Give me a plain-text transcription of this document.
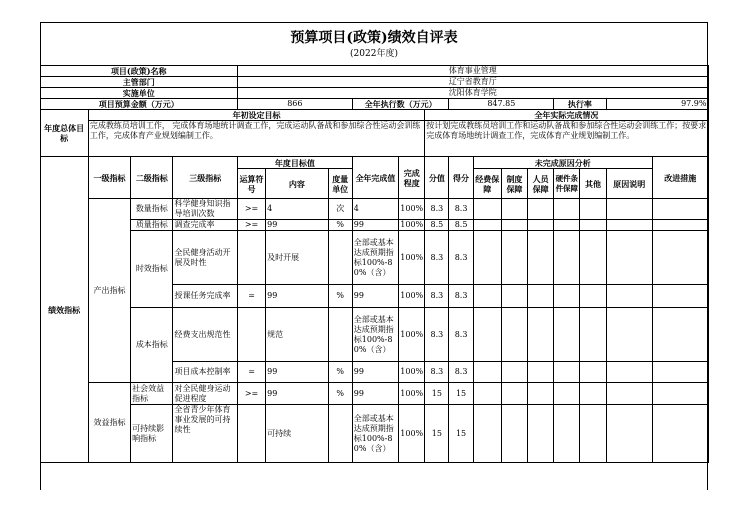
预算项目(政策)绩效自评表
(2022年度)
项目(政策)名称				体育事业管理													
主管部门				辽宁省教育厅													
实施单位				沈阳体育学院													
项目预算金额（万元）				866			全年执行数（万元）			847.85				执行率		97.9%	
年度总体目标	年初设定目标								全年实际完成情况								
	完成教练员培训工作， 完成体育场地统计调查工作，完成运动队备战和参加综合性运动会训练工作，完成体育产业规划编制工作。								按计划完成教练员培训工作和运动队备战和参加综合性运动会训练工作；按要求完成体育场地统计调查工作，完成体育产业规划编制工作。								
绩效指标	一级指标	二级指标	三级指标	年度目标值			全年完成值	完成程度	分值	得分	未完成原因分析						改进措施
				运算符号	内容	度量单位					经费保障	制度保障	人员保障	硬件条件保障	其他	原因说明	
	产出指标	数量指标	科学健身知识指导培训次数	>=	4	次	4	100%	8.3	8.3							
		质量指标	调查完成率	>=	99	%	99	100%	8.5	8.5							
		时效指标	全民健身活动开展及时性		及时开展		全部或基本达成预期指标100%-80%（含）	100%	8.3	8.3							
			授课任务完成率	=	99	%	99	100%	8.3	8.3							
		成本指标	经费支出规范性		规范		全部或基本达成预期指标100%-80%（含）	100%	8.3	8.3							
			项目成本控制率	=	99	%	99	100%	8.3	8.3							
	效益指标	社会效益指标	对全民健身运动促进程度	>=	99	%	99	100%	15	15							
		可持续影响指标	全省青少年体育事业发展的可持续性		可持续		全部或基本达成预期指标100%-80%（含）	100%	15	15							
